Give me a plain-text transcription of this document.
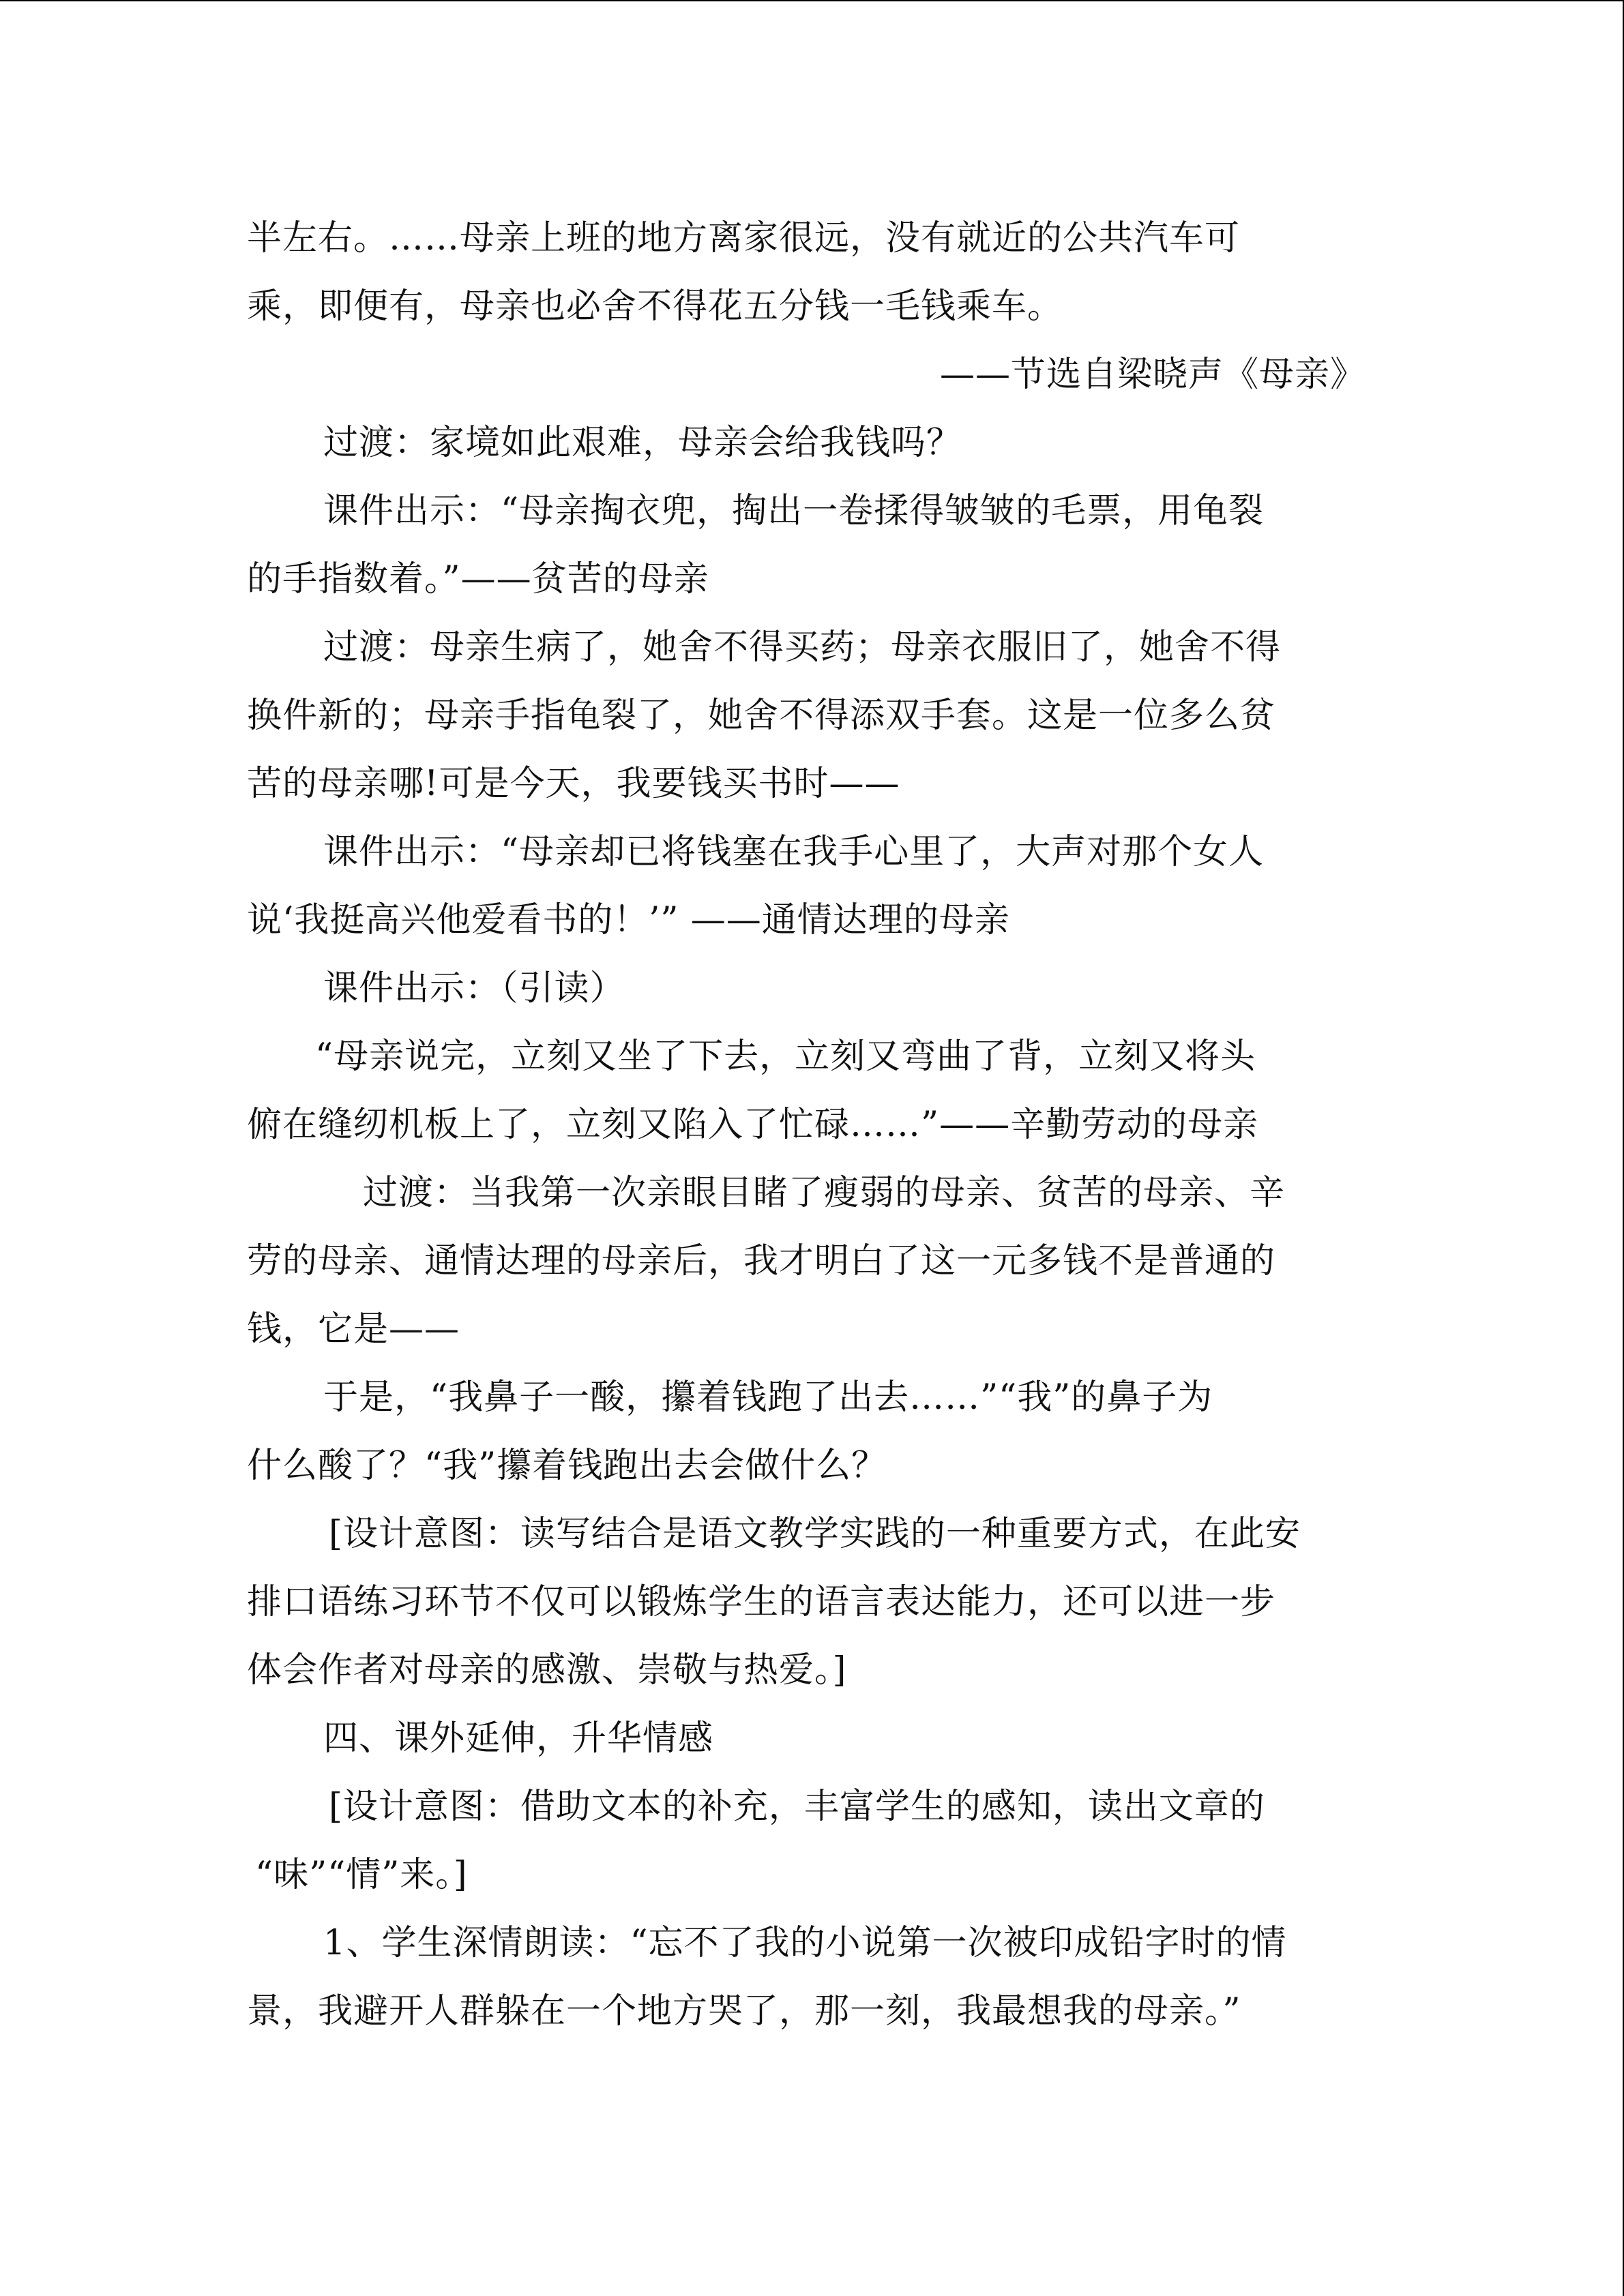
半左右。……母亲上班的地方离家很远，没有就近的公共汽车可
乘，即便有，母亲也必舍不得花五分钱一毛钱乘车。
——节选自梁晓声《母亲》
过渡：家境如此艰难，母亲会给我钱吗？
课件出示：“母亲掏衣兜，掏出一卷揉得皱皱的毛票，用龟裂
的手指数着。”——贫苦的母亲
过渡：母亲生病了，她舍不得买药；母亲衣服旧了，她舍不得
换件新的；母亲手指龟裂了，她舍不得添双手套。这是一位多么贫
苦的母亲哪!可是今天，我要钱买书时——
课件出示：“母亲却已将钱塞在我手心里了，大声对那个女人
说‘我挺高兴他爱看书的！’” ——通情达理的母亲
课件出示：（引读）
“母亲说完，立刻又坐了下去，立刻又弯曲了背，立刻又将头
俯在缝纫机板上了，立刻又陷入了忙碌……”——辛勤劳动的母亲
过渡：当我第一次亲眼目睹了瘦弱的母亲、贫苦的母亲、辛
劳的母亲、通情达理的母亲后，我才明白了这一元多钱不是普通的
钱，它是——
于是，“我鼻子一酸，攥着钱跑了出去……”“我”的鼻子为
什么酸了？“我”攥着钱跑出去会做什么？
[设计意图：读写结合是语文教学实践的一种重要方式，在此安
排口语练习环节不仅可以锻炼学生的语言表达能力，还可以进一步
体会作者对母亲的感激、崇敬与热爱。]
四、课外延伸，升华情感
[设计意图：借助文本的补充，丰富学生的感知，读出文章的
“味”“情”来。]
1、学生深情朗读：“忘不了我的小说第一次被印成铅字时的情
景，我避开人群躲在一个地方哭了，那一刻，我最想我的母亲。”
